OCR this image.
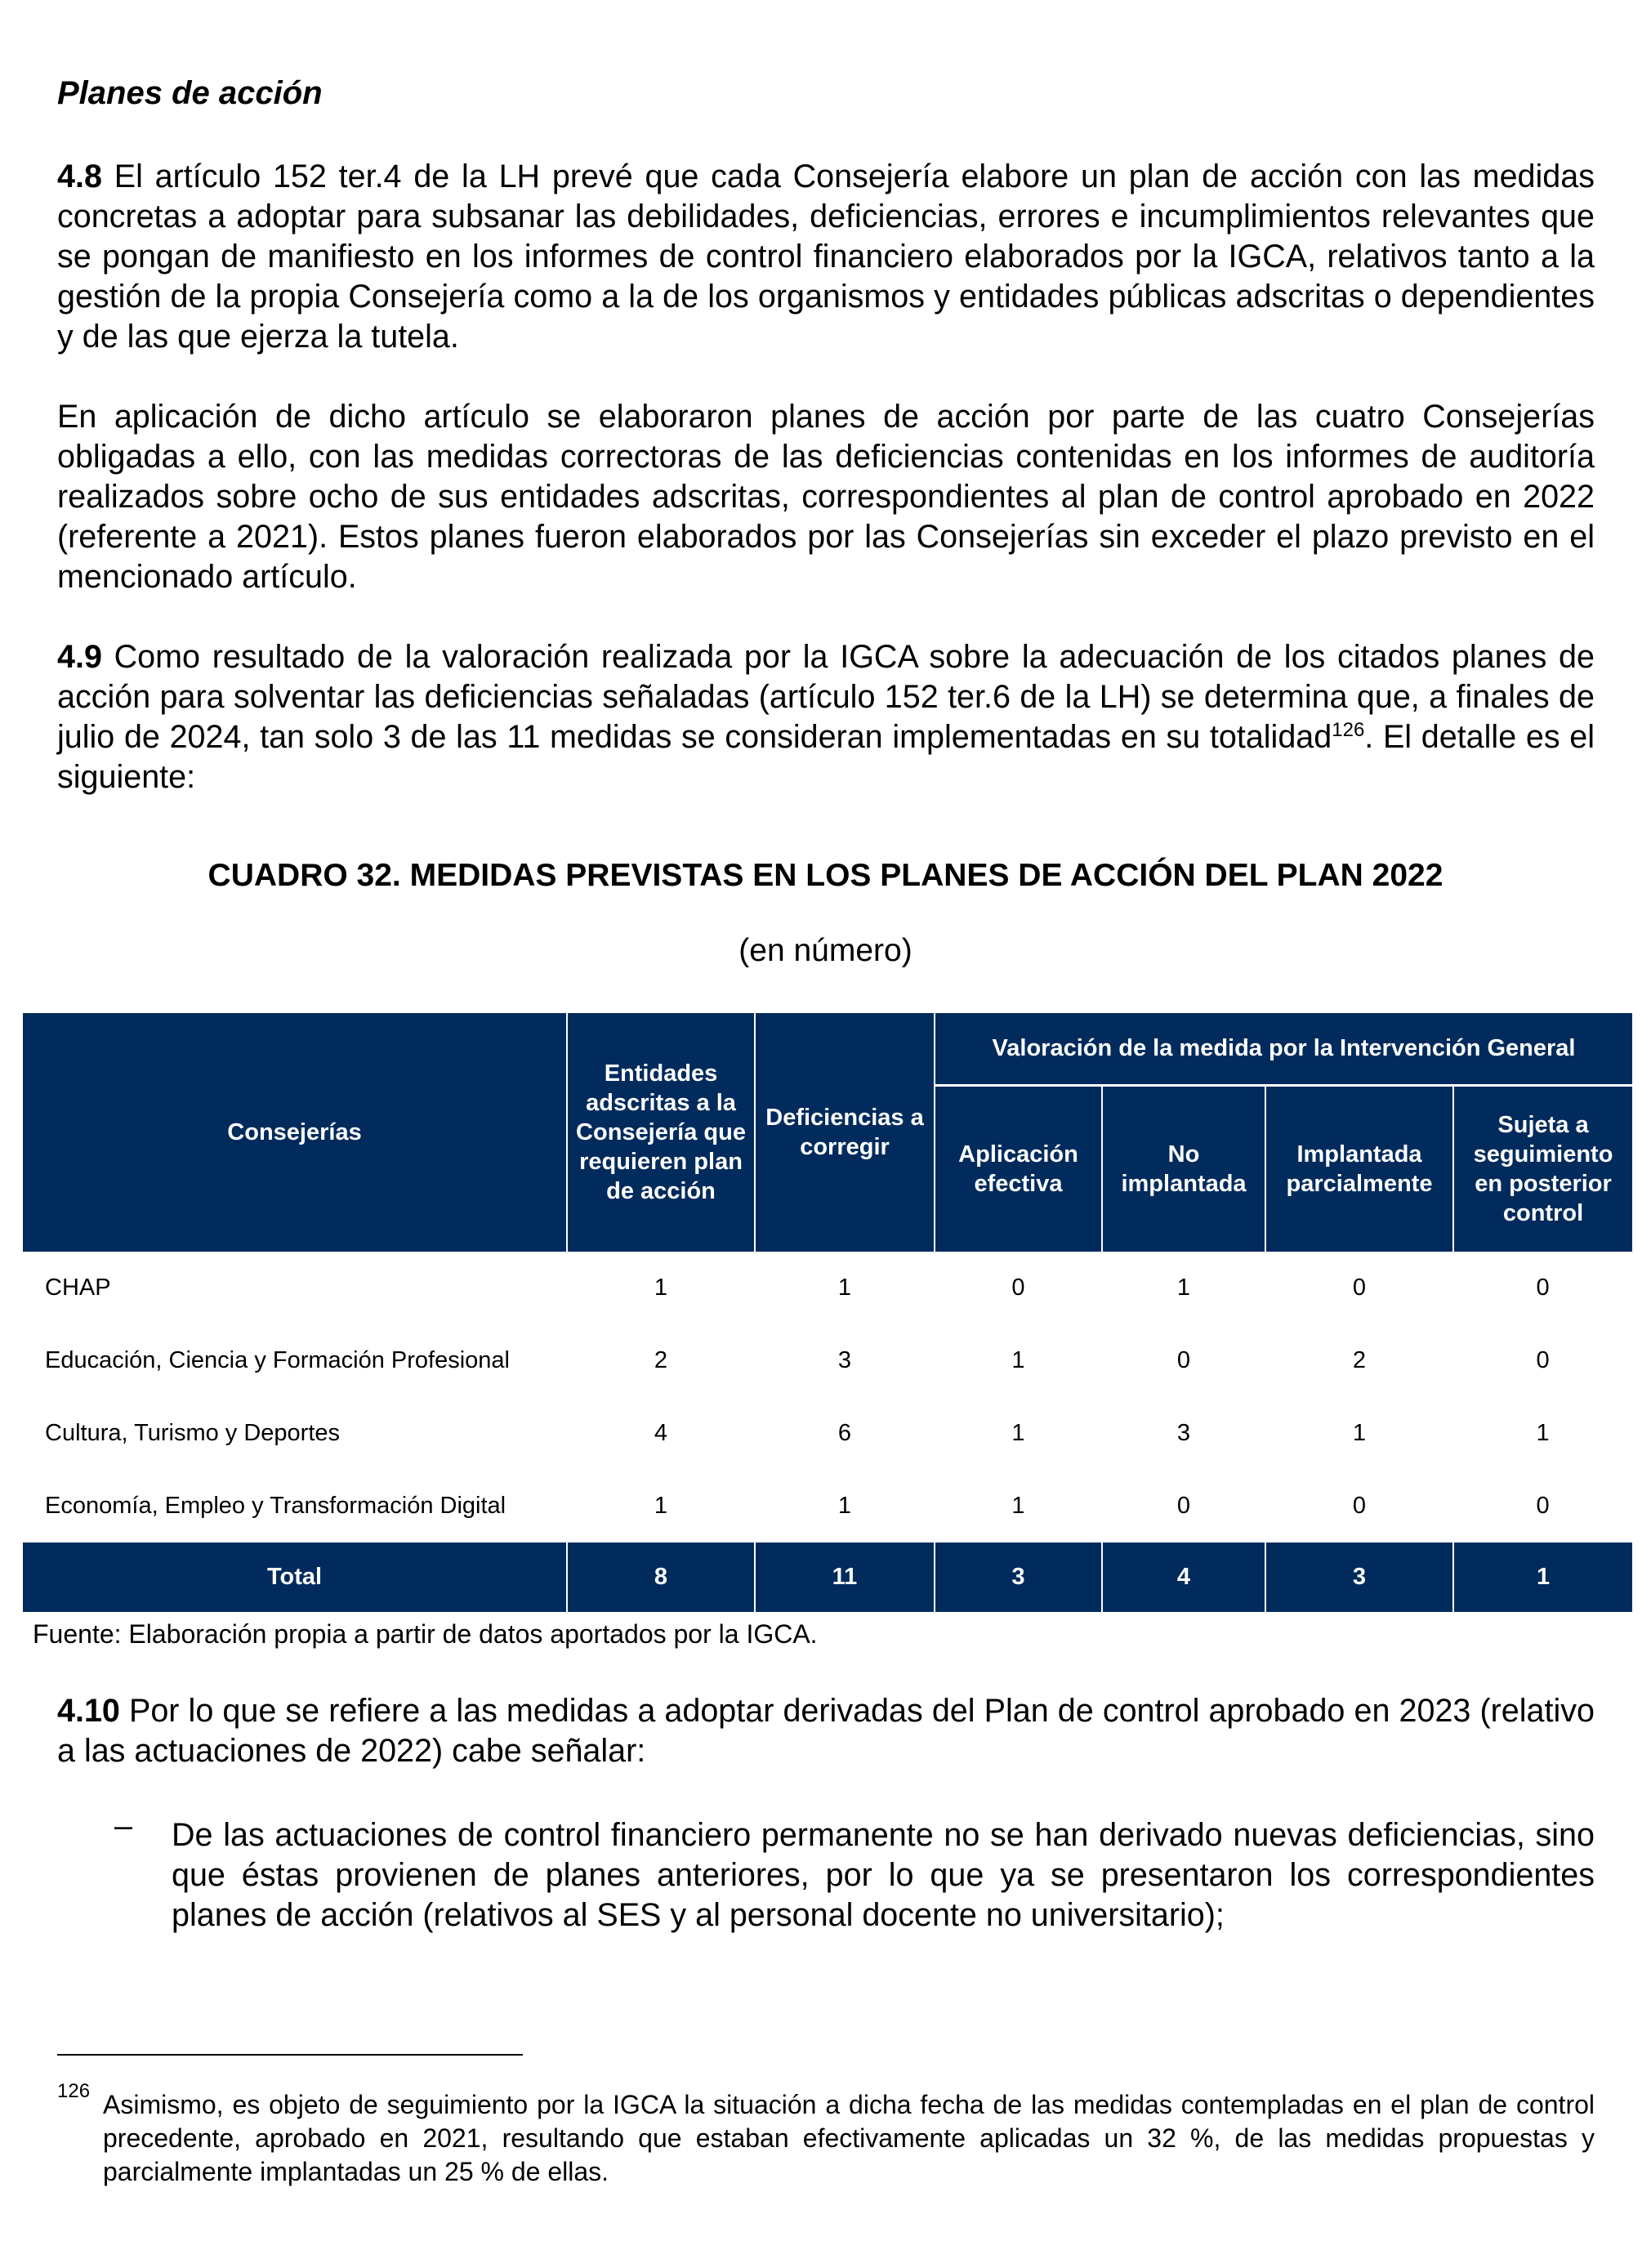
Planes de acción
4.8 El artículo 152 ter.4 de la LH prevé que cada Consejería elabore un plan de acción con las medidas concretas a adoptar para subsanar las debilidades, deficiencias, errores e incumplimientos relevantes que se pongan de manifiesto en los informes de control financiero elaborados por la IGCA, relativos tanto a la gestión de la propia Consejería como a la de los organismos y entidades públicas adscritas o dependientes y de las que ejerza la tutela.
En aplicación de dicho artículo se elaboraron planes de acción por parte de las cuatro Consejerías obligadas a ello, con las medidas correctoras de las deficiencias contenidas en los informes de auditoría realizados sobre ocho de sus entidades adscritas, correspondientes al plan de control aprobado en 2022 (referente a 2021). Estos planes fueron elaborados por las Consejerías sin exceder el plazo previsto en el mencionado artículo.
4.9 Como resultado de la valoración realizada por la IGCA sobre la adecuación de los citados planes de acción para solventar las deficiencias señaladas (artículo 152 ter.6 de la LH) se determina que, a finales de julio de 2024, tan solo 3 de las 11 medidas se consideran implementadas en su totalidad$^{126}$. El detalle es el siguiente:
CUADRO 32. MEDIDAS PREVISTAS EN LOS PLANES DE ACCIÓN DEL PLAN 2022
(en número)
Consejerías	Entidades adscritas a la Consejería que requieren plan de acción	Deficiencias a corregir	Valoración de la medida por la Intervención General			
			Aplicación efectiva	No implantada	Implantada parcialmente	Sujeta a seguimiento en posterior control
CHAP	1	1	0	1	0	0
Educación, Ciencia y Formación Profesional	2	3	1	0	2	0
Cultura, Turismo y Deportes	4	6	1	3	1	1
Economía, Empleo y Transformación Digital	1	1	1	0	0	0
Total	8	11	3	4	3	1
Fuente: Elaboración propia a partir de datos aportados por la IGCA.
4.10 Por lo que se refiere a las medidas a adoptar derivadas del Plan de control aprobado en 2023 (relativo a las actuaciones de 2022) cabe señalar:
– De las actuaciones de control financiero permanente no se han derivado nuevas deficiencias, sino que éstas provienen de planes anteriores, por lo que ya se presentaron los correspondientes planes de acción (relativos al SES y al personal docente no universitario);
126 Asimismo, es objeto de seguimiento por la IGCA la situación a dicha fecha de las medidas contempladas en el plan de control precedente, aprobado en 2021, resultando que estaban efectivamente aplicadas un 32 %, de las medidas propuestas y parcialmente implantadas un 25 % de ellas.
